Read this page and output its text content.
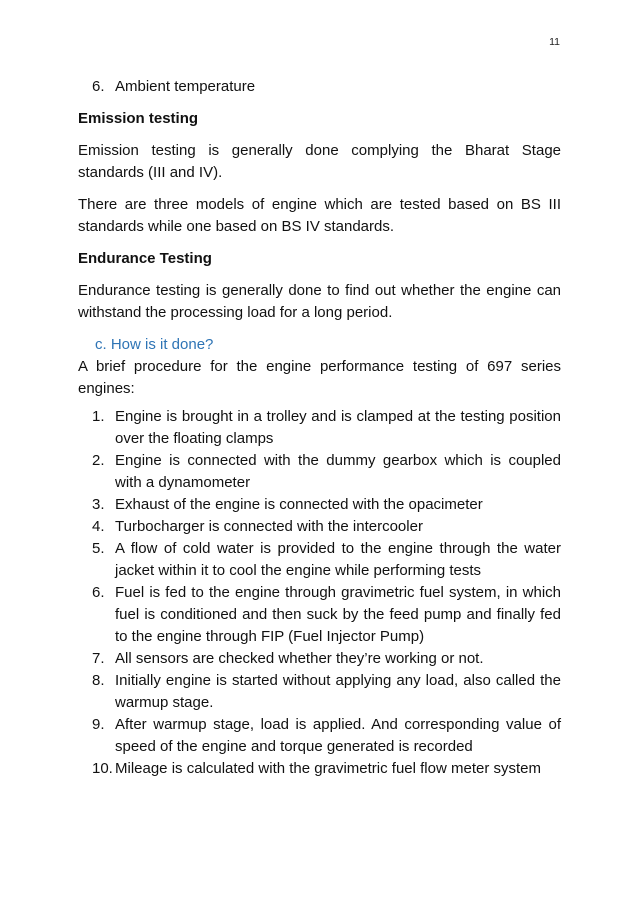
11

6. Ambient temperature

Emission testing

Emission testing is generally done complying the Bharat Stage standards (III and IV).

There are three models of engine which are tested based on BS III standards while one based on BS IV standards.

Endurance Testing

Endurance testing is generally done to find out whether the engine can withstand the processing load for a long period.

c. How is it done?

A brief procedure for the engine performance testing of 697 series engines:

1. Engine is brought in a trolley and is clamped at the testing position over the floating clamps
2. Engine is connected with the dummy gearbox which is coupled with a dynamometer
3. Exhaust of the engine is connected with the opacimeter
4. Turbocharger is connected with the intercooler
5. A flow of cold water is provided to the engine through the water jacket within it to cool the engine while performing tests
6. Fuel is fed to the engine through gravimetric fuel system, in which fuel is conditioned and then suck by the feed pump and finally fed to the engine through FIP (Fuel Injector Pump)
7. All sensors are checked whether they’re working or not.
8. Initially engine is started without applying any load, also called the warmup stage.
9. After warmup stage, load is applied. And corresponding value of speed of the engine and torque generated is recorded
10. Mileage is calculated with the gravimetric fuel flow meter system
